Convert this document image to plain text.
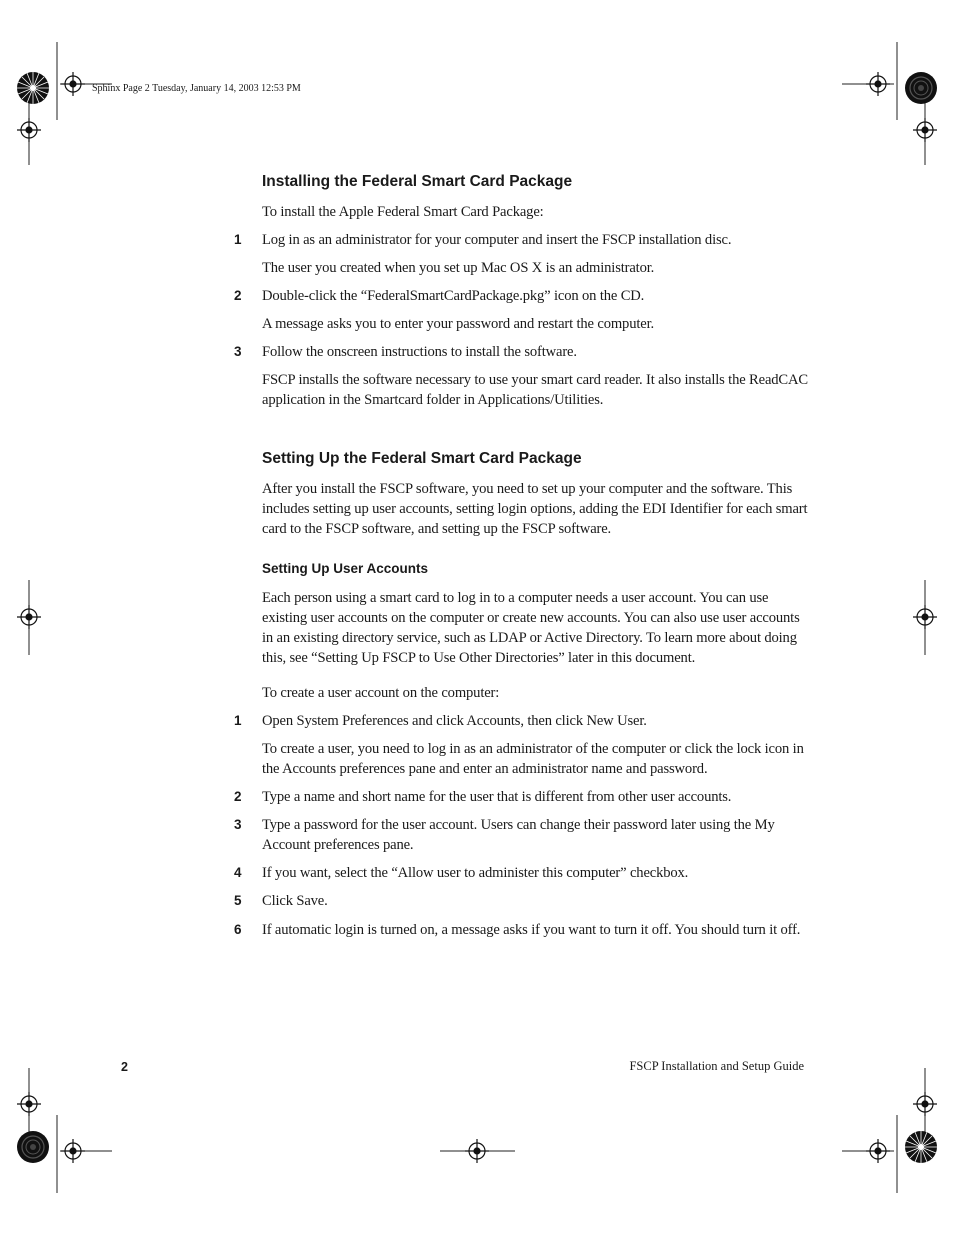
Sphinx Page 2 Tuesday, January 14, 2003 12:53 PM
Installing the Federal Smart Card Package
To install the Apple Federal Smart Card Package:
1 Log in as an administrator for your computer and insert the FSCP installation disc.
The user you created when you set up Mac OS X is an administrator.
2 Double-click the “FederalSmartCardPackage.pkg” icon on the CD.
A message asks you to enter your password and restart the computer.
3 Follow the onscreen instructions to install the software.
FSCP installs the software necessary to use your smart card reader. It also installs the ReadCAC application in the Smartcard folder in Applications/Utilities.
Setting Up the Federal Smart Card Package
After you install the FSCP software, you need to set up your computer and the software. This includes setting up user accounts, setting login options, adding the EDI Identifier for each smart card to the FSCP software, and setting up the FSCP software.
Setting Up User Accounts
Each person using a smart card to log in to a computer needs a user account. You can use existing user accounts on the computer or create new accounts. You can also use user accounts in an existing directory service, such as LDAP or Active Directory. To learn more about doing this, see “Setting Up FSCP to Use Other Directories” later in this document.
To create a user account on the computer:
1 Open System Preferences and click Accounts, then click New User.
To create a user, you need to log in as an administrator of the computer or click the lock icon in the Accounts preferences pane and enter an administrator name and password.
2 Type a name and short name for the user that is different from other user accounts.
3 Type a password for the user account. Users can change their password later using the My Account preferences pane.
4 If you want, select the “Allow user to administer this computer” checkbox.
5 Click Save.
6 If automatic login is turned on, a message asks if you want to turn it off. You should turn it off.
2	FSCP Installation and Setup Guide
